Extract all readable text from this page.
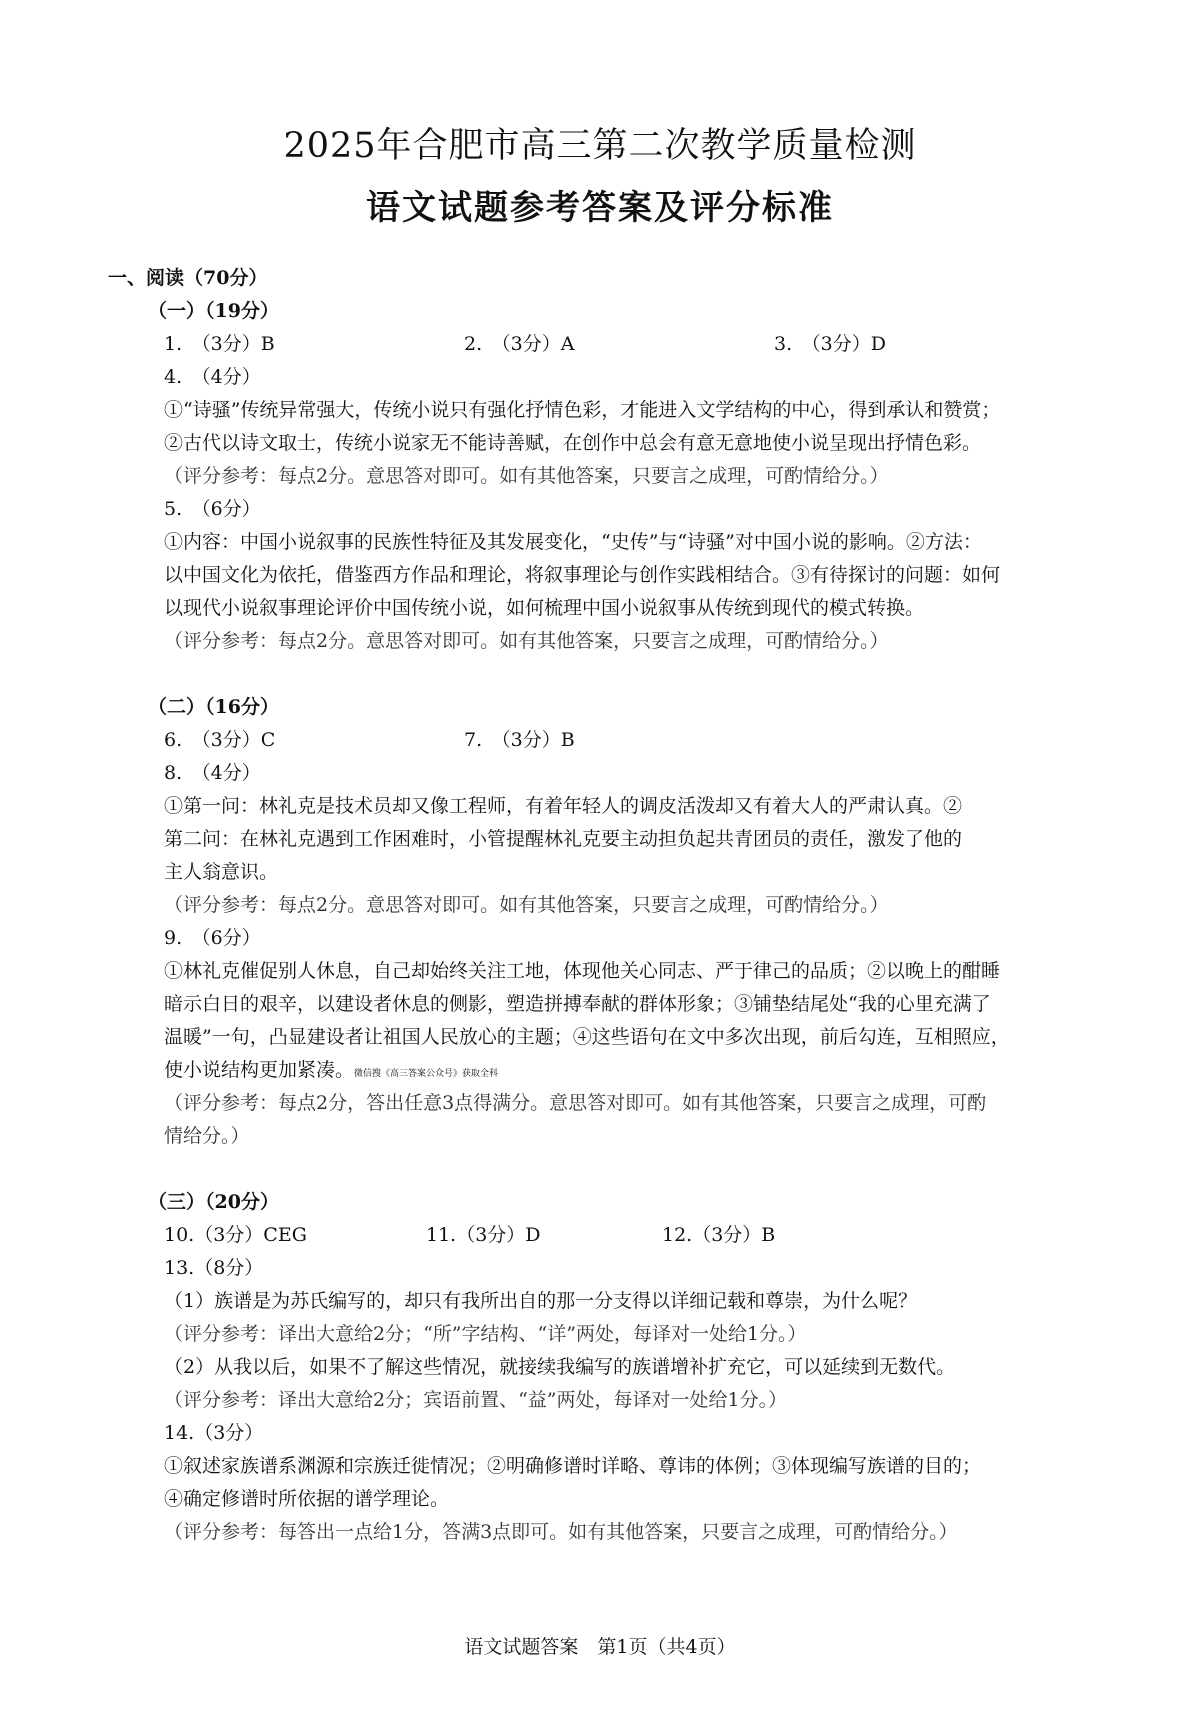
2025年合肥市高三第二次教学质量检测
语文试题参考答案及评分标准
一、阅读（70分）
（一）（19分）
1.　（3分）B	2.　（3分）A	3.　（3分）D
4.　（4分）
①“诗骚”传统异常强大，传统小说只有强化抒情色彩，才能进入文学结构的中心，得到承认和赞赏；
②古代以诗文取士，传统小说家无不能诗善赋，在创作中总会有意无意地使小说呈现出抒情色彩。
（评分参考：每点2分。意思答对即可。如有其他答案，只要言之成理，可酌情给分。）
5.　（6分）
①内容：中国小说叙事的民族性特征及其发展变化，“史传”与“诗骚”对中国小说的影响。②方法：
以中国文化为依托，借鉴西方作品和理论，将叙事理论与创作实践相结合。③有待探讨的问题：如何
以现代小说叙事理论评价中国传统小说，如何梳理中国小说叙事从传统到现代的模式转换。
（评分参考：每点2分。意思答对即可。如有其他答案，只要言之成理，可酌情给分。）
（二）（16分）
6.　（3分）C	7.　（3分）B
8.　（4分）
①第一问：林礼克是技术员却又像工程师，有着年轻人的调皮活泼却又有着大人的严肃认真。②
第二问：在林礼克遇到工作困难时，小管提醒林礼克要主动担负起共青团员的责任，激发了他的
主人翁意识。
（评分参考：每点2分。意思答对即可。如有其他答案，只要言之成理，可酌情给分。）
9.　（6分）
①林礼克催促别人休息，自己却始终关注工地，体现他关心同志、严于律己的品质；②以晚上的酣睡
暗示白日的艰辛，以建设者休息的侧影，塑造拼搏奉献的群体形象；③铺垫结尾处“我的心里充满了
温暖”一句，凸显建设者让祖国人民放心的主题；④这些语句在文中多次出现，前后勾连，互相照应，
使小说结构更加紧凑。微信搜《高三答案公众号》获取全科
（评分参考：每点2分，答出任意3点得满分。意思答对即可。如有其他答案，只要言之成理，可酌
情给分。）
（三）（20分）
10.（3分）CEG	11.（3分）D	12.（3分）B
13.（8分）
（1）族谱是为苏氏编写的，却只有我所出自的那一分支得以详细记载和尊崇，为什么呢？
（评分参考：译出大意给2分；“所”字结构、“详”两处，每译对一处给1分。）
（2）从我以后，如果不了解这些情况，就接续我编写的族谱增补扩充它，可以延续到无数代。
（评分参考：译出大意给2分；宾语前置、“益”两处，每译对一处给1分。）
14.（3分）
①叙述家族谱系渊源和宗族迁徙情况；②明确修谱时详略、尊讳的体例；③体现编写族谱的目的；
④确定修谱时所依据的谱学理论。
（评分参考：每答出一点给1分，答满3点即可。如有其他答案，只要言之成理，可酌情给分。）
语文试题答案　第1页（共4页）
